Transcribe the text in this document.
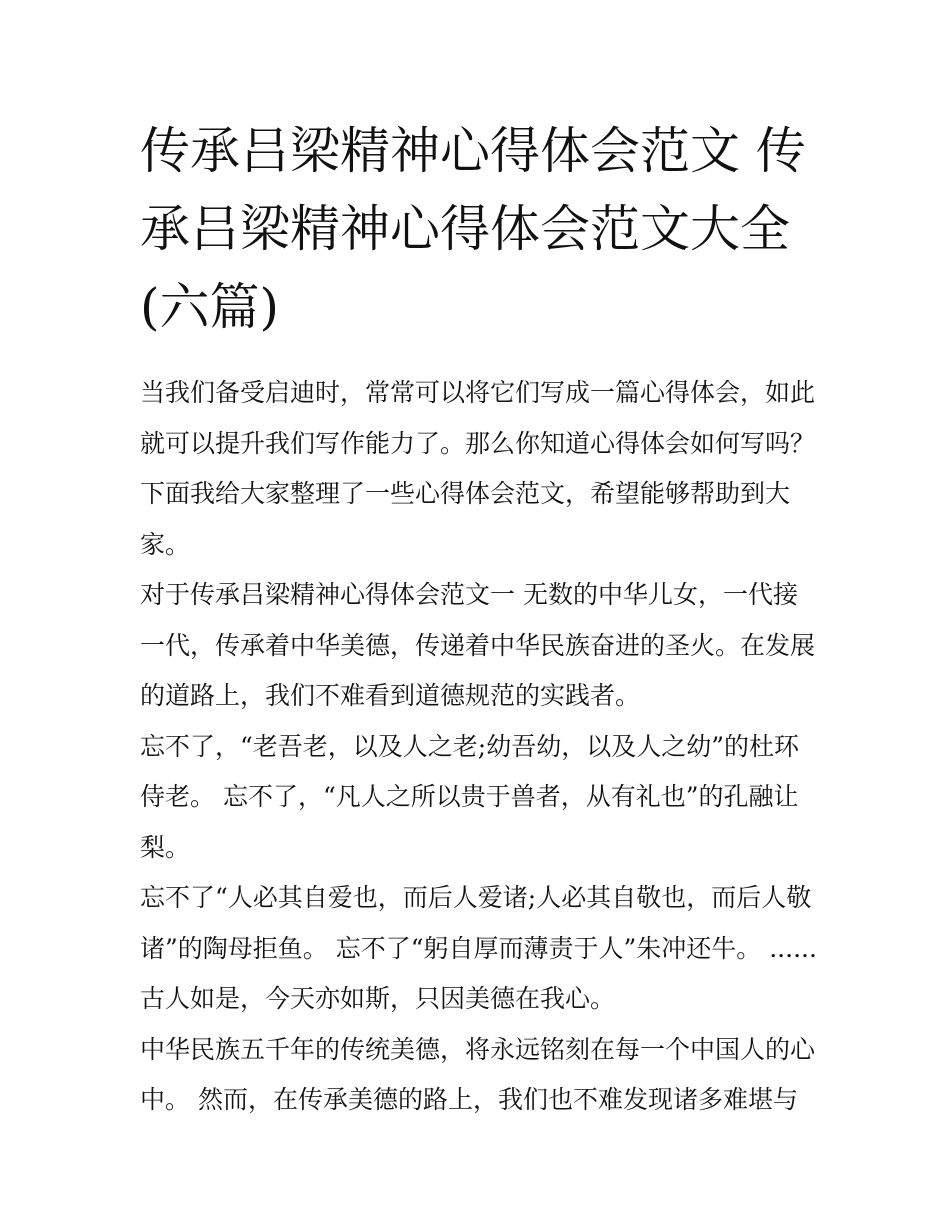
传承吕梁精神心得体会范文 传承吕梁精神心得体会范文大全(六篇)

当我们备受启迪时，常常可以将它们写成一篇心得体会，如此就可以提升我们写作能力了。那么你知道心得体会如何写吗？下面我给大家整理了一些心得体会范文，希望能够帮助到大家。

对于传承吕梁精神心得体会范文一 无数的中华儿女，一代接一代，传承着中华美德，传递着中华民族奋进的圣火。在发展的道路上，我们不难看到道德规范的实践者。

忘不了，“老吾老，以及人之老;幼吾幼，以及人之幼”的杜环侍老。 忘不了，“凡人之所以贵于兽者，从有礼也”的孔融让梨。

忘不了“人必其自爱也，而后人爱诸;人必其自敬也，而后人敬诸”的陶母拒鱼。 忘不了“躬自厚而薄责于人”朱冲还牛。 ...... 古人如是，今天亦如斯，只因美德在我心。

中华民族五千年的传统美德，将永远铭刻在每一个中国人的心中。 然而，在传承美德的路上，我们也不难发现诸多难堪与
